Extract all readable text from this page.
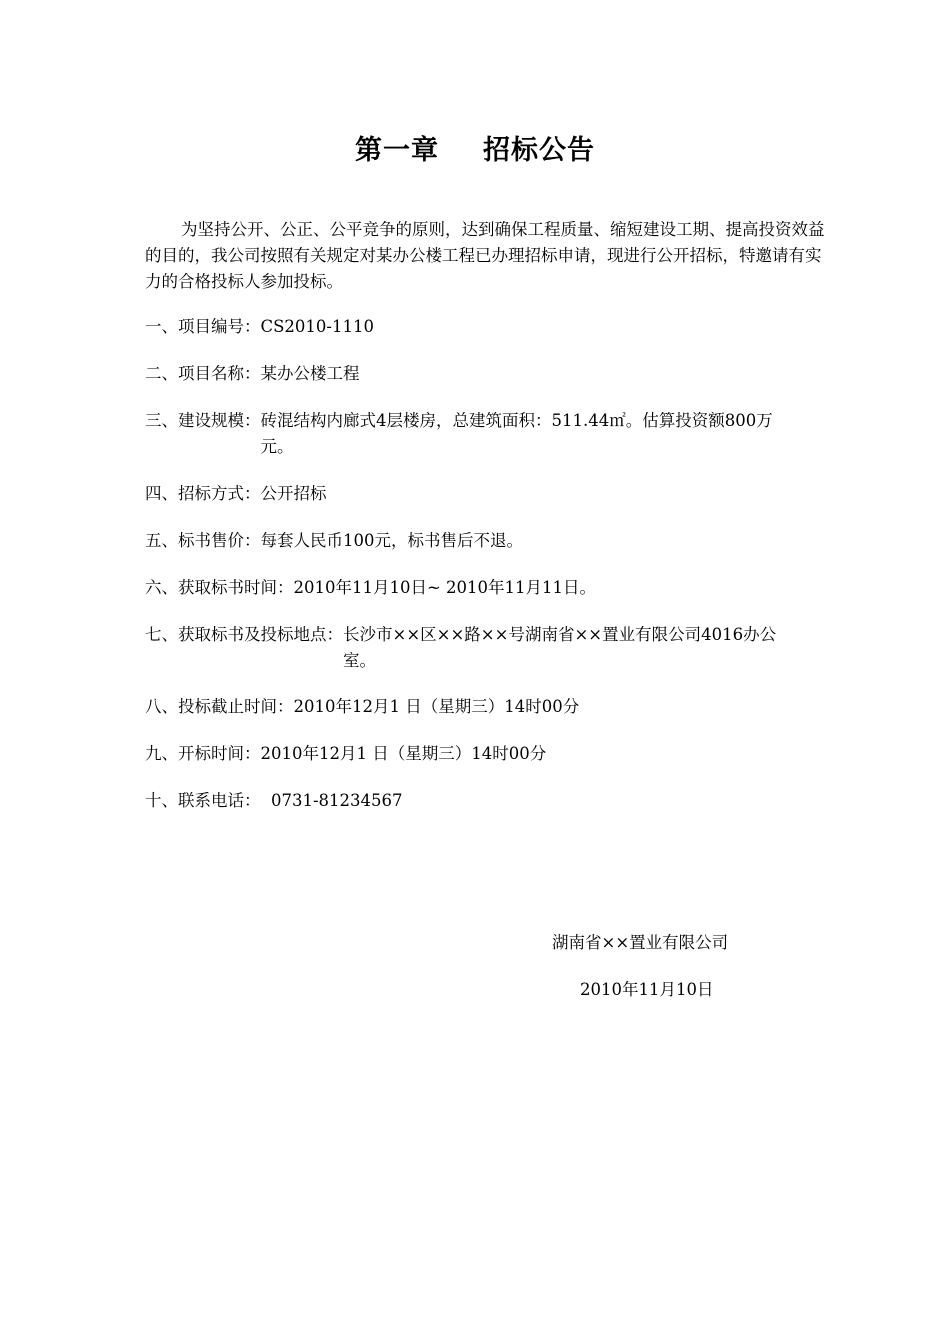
第一章 招标公告

为坚持公开、公正、公平竞争的原则，达到确保工程质量、缩短建设工期、提高投资效益的目的，我公司按照有关规定对某办公楼工程已办理招标申请，现进行公开招标，特邀请有实力的合格投标人参加投标。

一、项目编号： CS2010-1110
二、项目名称： 某办公楼工程
三、建设规模： 砖混结构内廊式4层楼房，总建筑面积：511.44㎡。估算投资额800万元。
四、招标方式： 公开招标
五、标书售价： 每套人民币100元，标书售后不退。
六、获取标书时间： 2010年11月10日~ 2010年11月11日。
七、获取标书及投标地点： 长沙市××区××路××号湖南省××置业有限公司4016办公室。
八、投标截止时间： 2010年12月1 日（星期三）14时00分
九、开标时间： 2010年12月1 日（星期三）14时00分
十、联系电话： 0731-81234567
湖南省××置业有限公司
2010年11月10日
